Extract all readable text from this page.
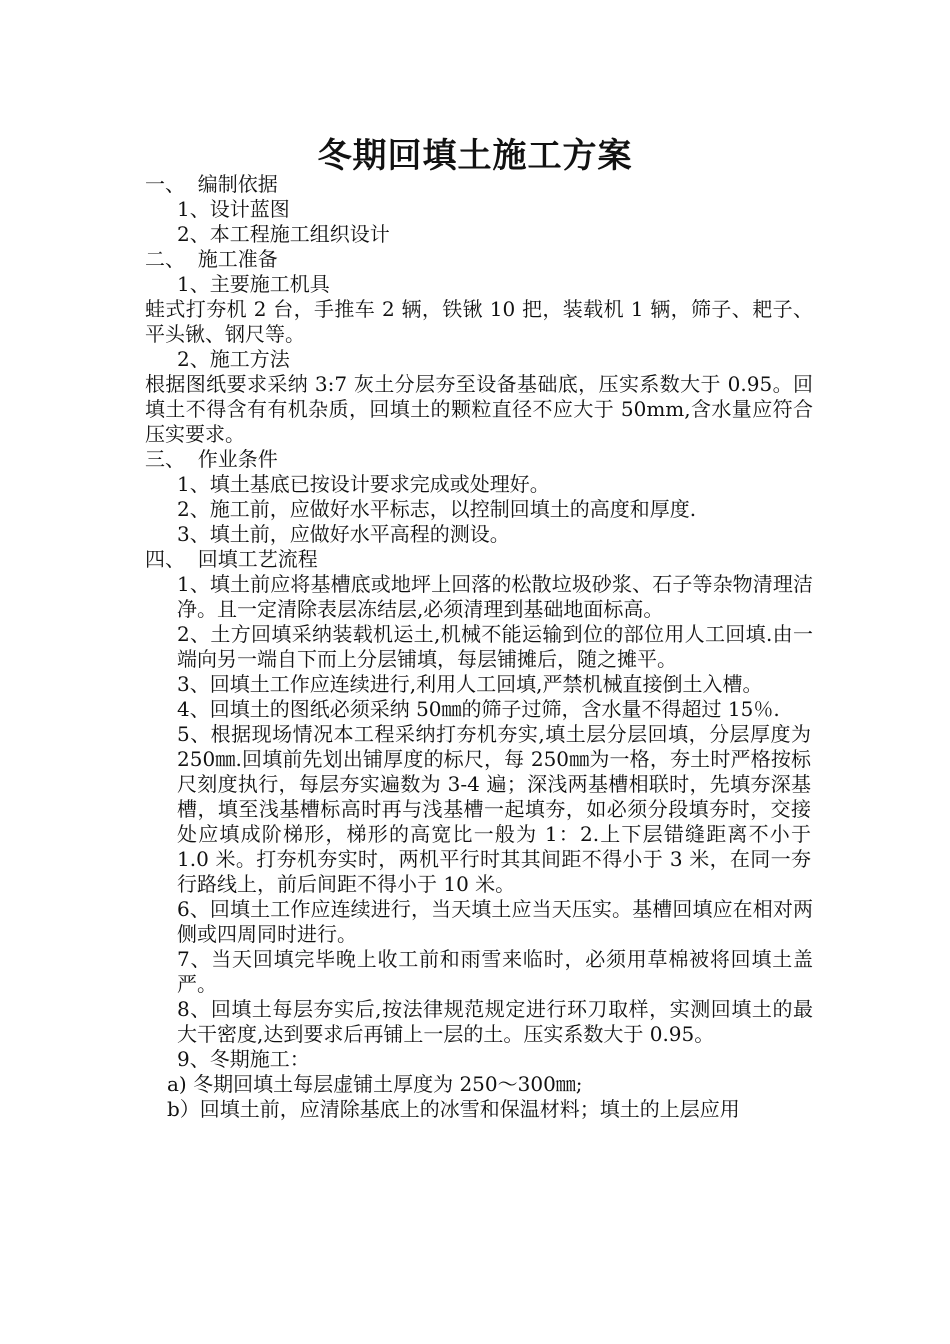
冬期回填土施工方案
一、  编制依据
1、设计蓝图
2、本工程施工组织设计
二、  施工准备
1、主要施工机具
蛙式打夯机 2 台，手推车 2 辆，铁锹 10 把，装载机 1 辆，筛子、耙子、平头锹、钢尺等。
2、施工方法
根据图纸要求采纳 3:7 灰土分层夯至设备基础底，压实系数大于 0.95。回填土不得含有有机杂质，回填土的颗粒直径不应大于 50mm,含水量应符合压实要求。
三、  作业条件
1、填土基底已按设计要求完成或处理好。
2、施工前，应做好水平标志，以控制回填土的高度和厚度.
3、填土前，应做好水平高程的测设。
四、  回填工艺流程
1、填土前应将基槽底或地坪上回落的松散垃圾砂浆、石子等杂物清理洁净。且一定清除表层冻结层,必须清理到基础地面标高。
2、土方回填采纳装载机运土,机械不能运输到位的部位用人工回填.由一端向另一端自下而上分层铺填，每层铺摊后，随之摊平。
3、回填土工作应连续进行,利用人工回填,严禁机械直接倒土入槽。
4、回填土的图纸必须采纳 50㎜的筛子过筛，含水量不得超过 15％.
5、根据现场情况本工程采纳打夯机夯实,填土层分层回填，分层厚度为 250㎜.回填前先划出铺厚度的标尺，每 250㎜为一格，夯土时严格按标尺刻度执行，每层夯实遍数为 3-4 遍；深浅两基槽相联时，先填夯深基槽，填至浅基槽标高时再与浅基槽一起填夯，如必须分段填夯时，交接处应填成阶梯形，梯形的高宽比一般为 1：2.上下层错缝距离不小于 1.0 米。打夯机夯实时，两机平行时其其间距不得小于 3 米，在同一夯行路线上，前后间距不得小于 10 米。
6、回填土工作应连续进行，当天填土应当天压实。基槽回填应在相对两侧或四周同时进行。
7、当天回填完毕晚上收工前和雨雪来临时，必须用草棉被将回填土盖严。
8、回填土每层夯实后,按法律规范规定进行环刀取样，实测回填土的最大干密度,达到要求后再铺上一层的土。压实系数大于 0.95。
9、冬期施工：
a) 冬期回填土每层虚铺土厚度为 250～300㎜;
b）回填土前，应清除基底上的冰雪和保温材料；填土的上层应用
